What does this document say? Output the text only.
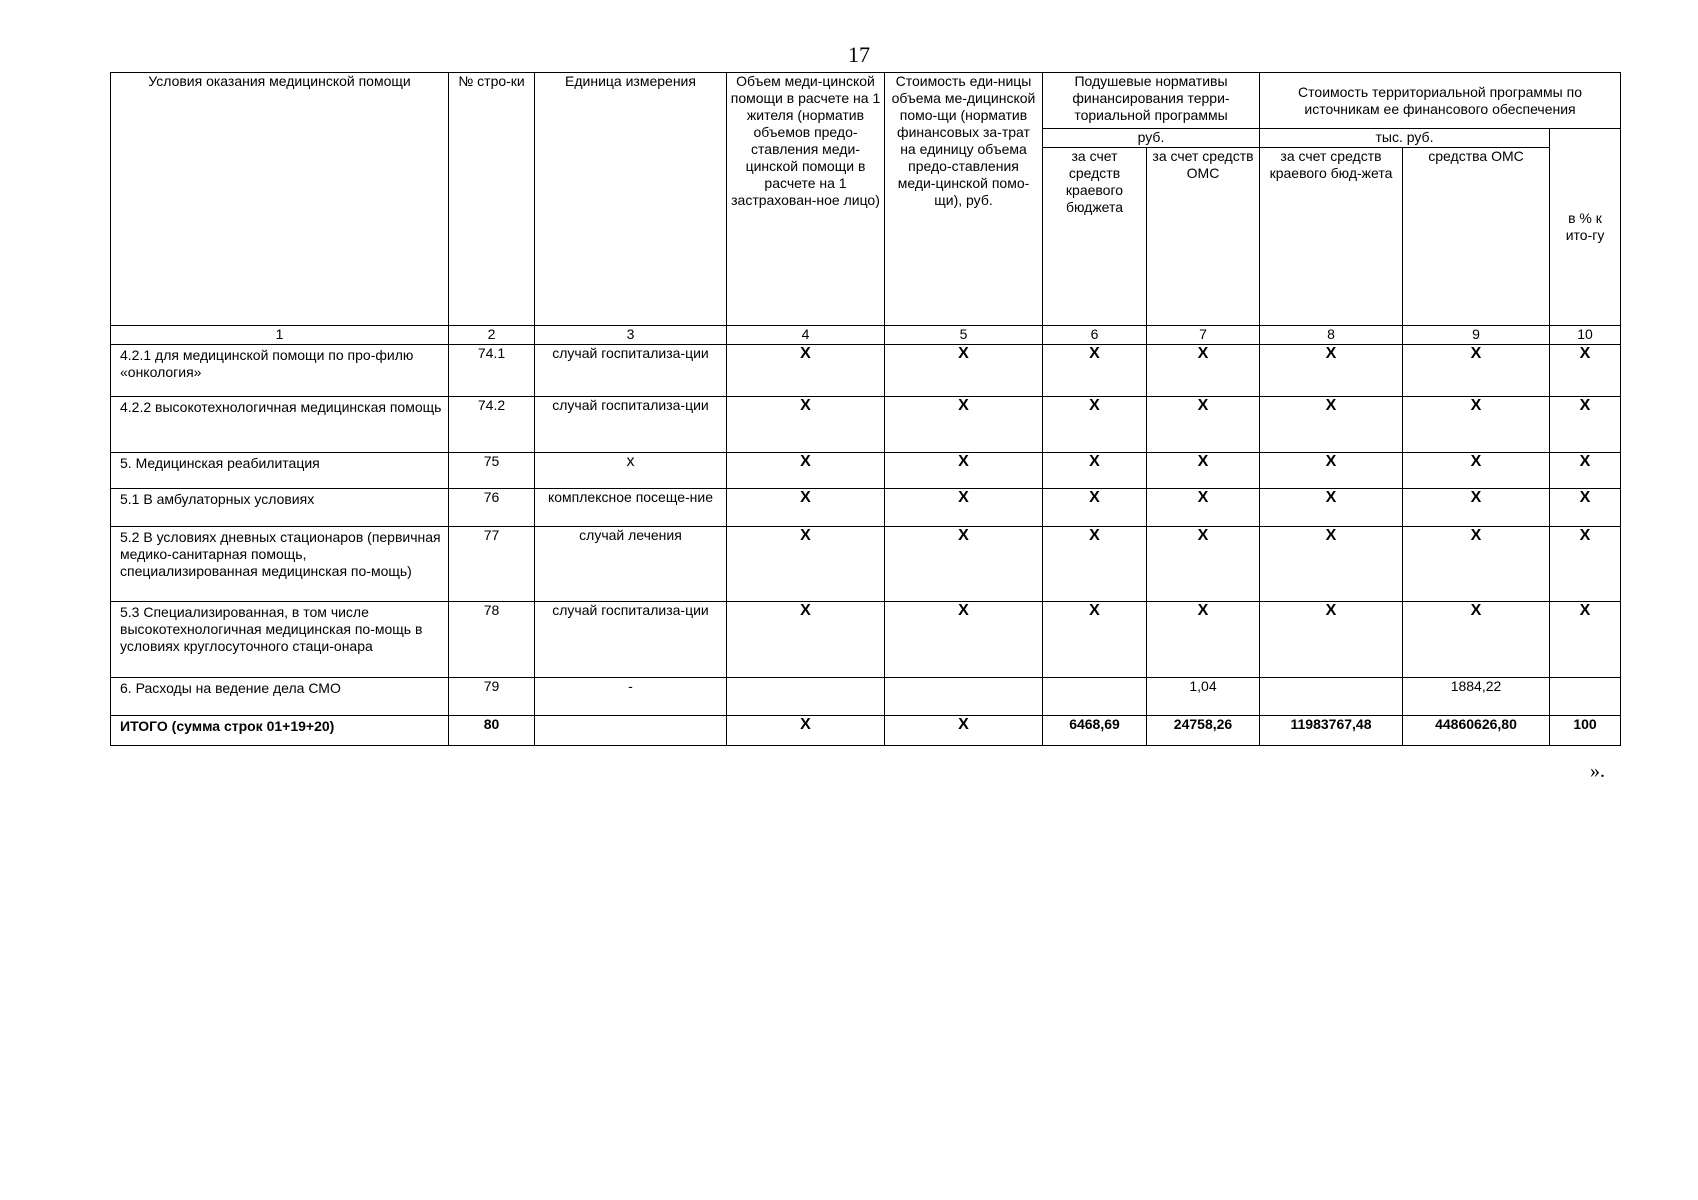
17
Условия оказания медицинской помощи	№ стро-ки	Единица измерения	Объем меди-цинской помощи в расчете на 1 жителя (норматив объемов предо-ставления меди-цинской помощи в расчете на 1 застрахован-ное лицо)	Стоимость еди-ницы объема ме-дицинской помо-щи (норматив финансовых за-трат на единицу объема предо-ставления меди-цинской помо-щи), руб.	Подушевые нормативы финансирования терри-ториальной программы		Стоимость территориальной программы по источникам ее финансового обеспечения		
					руб.		тыс. руб.		в % к ито-гу
					за счет средств краевого бюджета	за счет средств ОМС	за счет средств краевого бюд-жета	средства ОМС	
1	2	3	4	5	6	7	8	9	10
4.2.1 для медицинской помощи по про-филю «онкология»	74.1	случай госпитализа-ции	X	X	X	X	X	X	X
4.2.2 высокотехнологичная медицинская помощь	74.2	случай госпитализа-ции	X	X	X	X	X	X	X
5. Медицинская реабилитация	75	x	X	X	X	X	X	X	X
5.1 В амбулаторных условиях	76	комплексное посеще-ние	X	X	X	X	X	X	X
5.2 В условиях дневных стационаров (первичная медико-санитарная помощь, специализированная медицинская по-мощь)	77	случай лечения	X	X	X	X	X	X	X
5.3 Специализированная, в том числе высокотехнологичная медицинская по-мощь в условиях круглосуточного стаци-онара	78	случай госпитализа-ции	X	X	X	X	X	X	X
6. Расходы на ведение дела СМО	79	-				1,04		1884,22	
ИТОГО (сумма строк 01+19+20)	80		X	X	6468,69	24758,26	11983767,48	44860626,80	100
».
